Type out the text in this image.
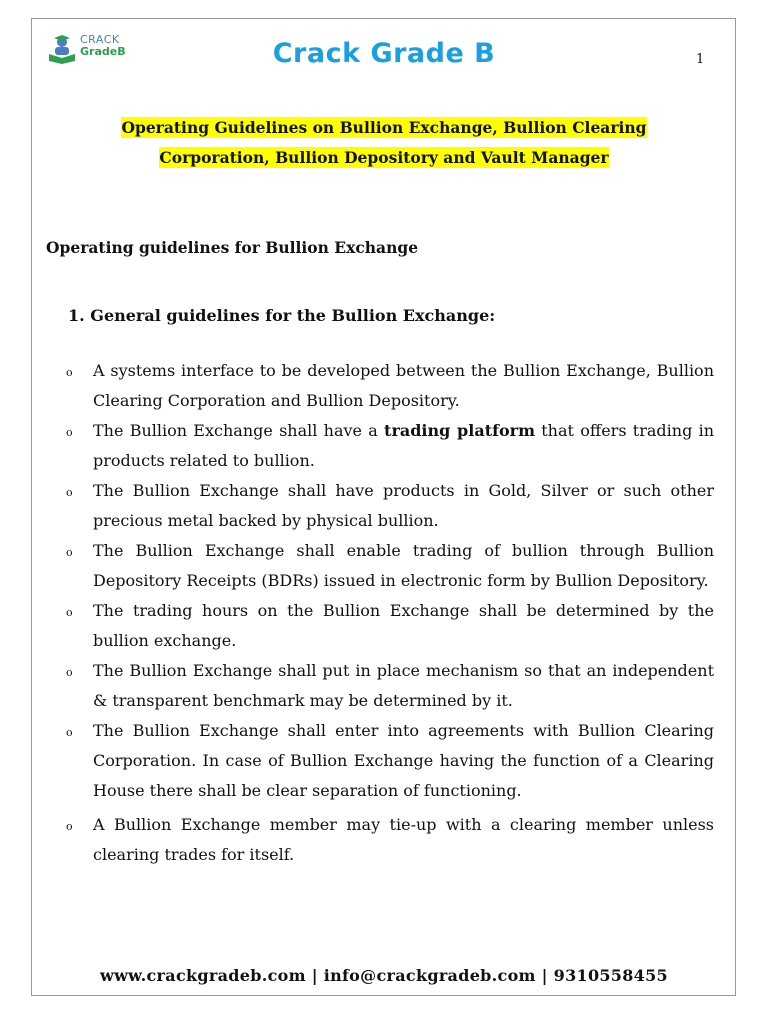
CRACK
GradeB	Crack Grade B	1
Operating Guidelines on Bullion Exchange, Bullion Clearing
Corporation, Bullion Depository and Vault Manager
Operating guidelines for Bullion Exchange
1. General guidelines for the Bullion Exchange:
o A systems interface to be developed between the Bullion Exchange, Bullion Clearing Corporation and Bullion Depository.
o The Bullion Exchange shall have a trading platform that offers trading in products related to bullion.
o The Bullion Exchange shall have products in Gold, Silver or such other precious metal backed by physical bullion.
o The Bullion Exchange shall enable trading of bullion through Bullion Depository Receipts (BDRs) issued in electronic form by Bullion Depository.
o The trading hours on the Bullion Exchange shall be determined by the bullion exchange.
o The Bullion Exchange shall put in place mechanism so that an independent & transparent benchmark may be determined by it.
o The Bullion Exchange shall enter into agreements with Bullion Clearing Corporation. In case of Bullion Exchange having the function of a Clearing House there shall be clear separation of functioning.
o A Bullion Exchange member may tie-up with a clearing member unless clearing trades for itself.
www.crackgradeb.com | info@crackgradeb.com | 9310558455
